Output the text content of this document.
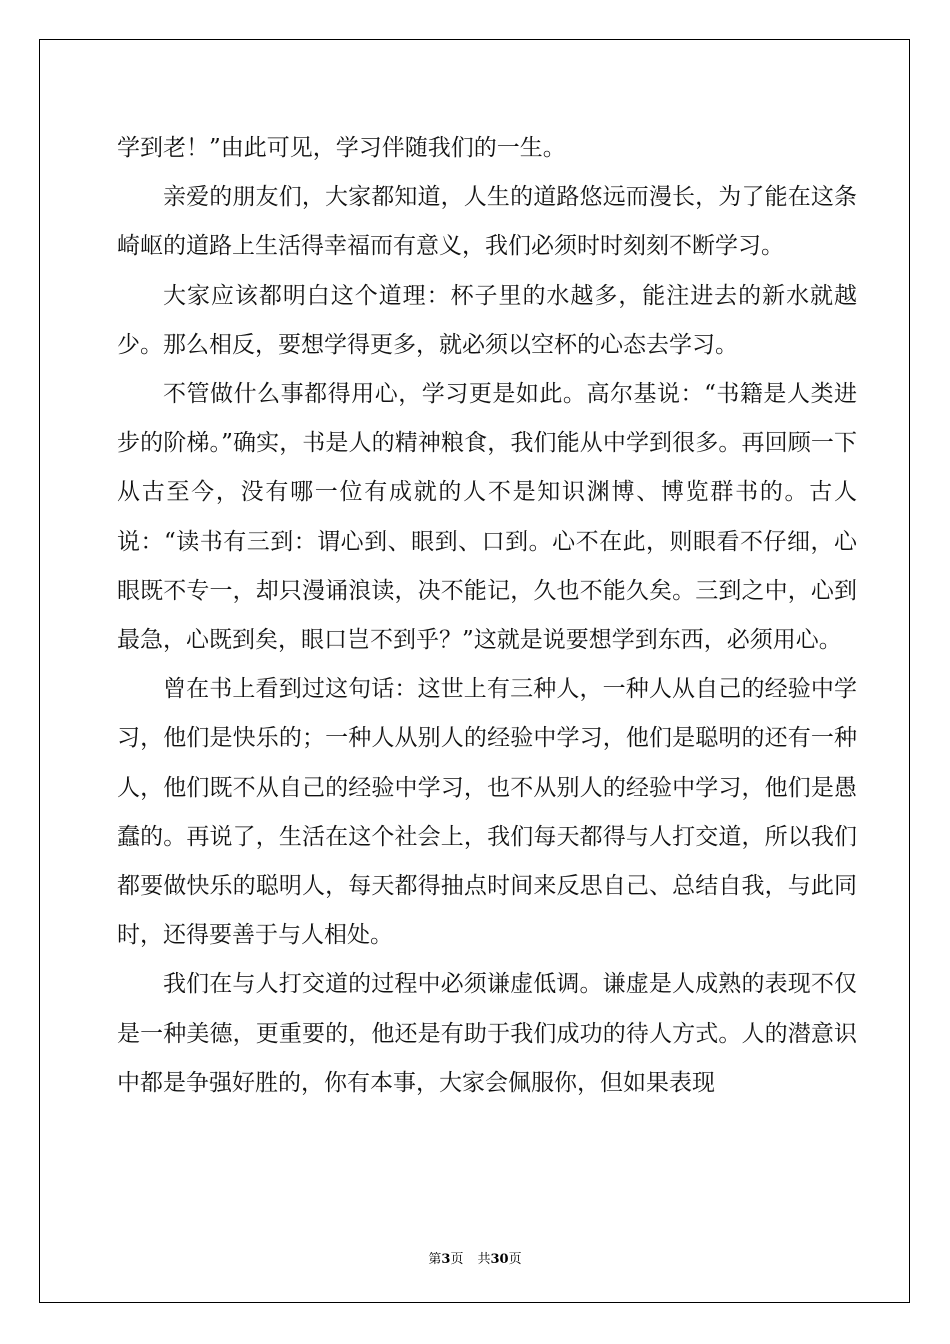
学到老！”由此可见，学习伴随我们的一生。

亲爱的朋友们，大家都知道，人生的道路悠远而漫长，为了能在这条崎岖的道路上生活得幸福而有意义，我们必须时时刻刻不断学习。

大家应该都明白这个道理：杯子里的水越多，能注进去的新水就越少。那么相反，要想学得更多，就必须以空杯的心态去学习。

不管做什么事都得用心，学习更是如此。高尔基说：“书籍是人类进步的阶梯。”确实，书是人的精神粮食，我们能从中学到很多。再回顾一下从古至今，没有哪一位有成就的人不是知识渊博、博览群书的。古人说：“读书有三到：谓心到、眼到、口到。心不在此，则眼看不仔细，心眼既不专一，却只漫诵浪读，决不能记，久也不能久矣。三到之中，心到最急，心既到矣，眼口岂不到乎？”这就是说要想学到东西，必须用心。

曾在书上看到过这句话：这世上有三种人，一种人从自己的经验中学习，他们是快乐的；一种人从别人的经验中学习，他们是聪明的还有一种人，他们既不从自己的经验中学习，也不从别人的经验中学习，他们是愚蠢的。再说了，生活在这个社会上，我们每天都得与人打交道，所以我们都要做快乐的聪明人，每天都得抽点时间来反思自己、总结自我，与此同时，还得要善于与人相处。

我们在与人打交道的过程中必须谦虚低调。谦虚是人成熟的表现不仅是一种美德，更重要的，他还是有助于我们成功的待人方式。人的潜意识中都是争强好胜的，你有本事，大家会佩服你，但如果表现

第3页 共30页
